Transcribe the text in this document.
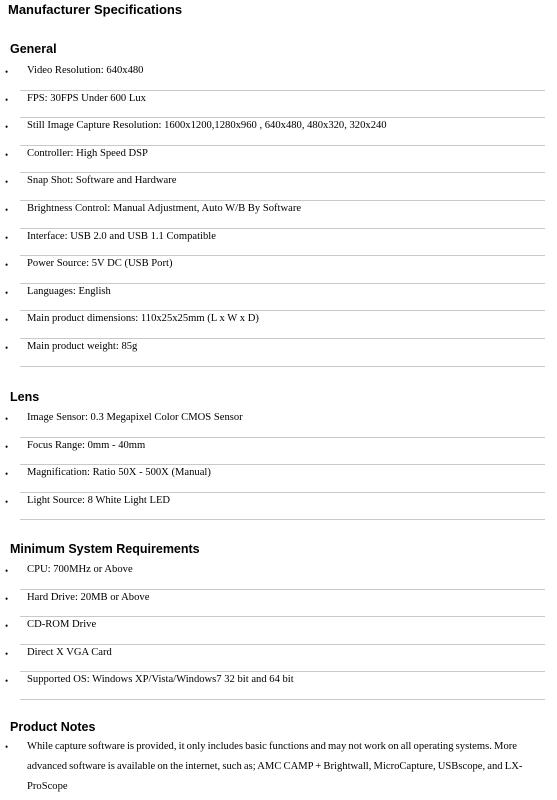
Manufacturer Specifications
General
• Video Resolution: 640x480
• FPS: 30FPS Under 600 Lux
• Still Image Capture Resolution: 1600x1200,1280x960 , 640x480, 480x320, 320x240
• Controller: High Speed DSP
• Snap Shot: Software and Hardware
• Brightness Control: Manual Adjustment, Auto W/B By Software
• Interface: USB 2.0 and USB 1.1 Compatible
• Power Source: 5V DC (USB Port)
• Languages: English
• Main product dimensions: 110x25x25mm (L x W x D)
• Main product weight: 85g
Lens
• Image Sensor: 0.3 Megapixel Color CMOS Sensor
• Focus Range: 0mm - 40mm
• Magnification: Ratio 50X - 500X (Manual)
• Light Source: 8 White Light LED
Minimum System Requirements
• CPU: 700MHz or Above
• Hard Drive: 20MB or Above
• CD-ROM Drive
• Direct X VGA Card
• Supported OS: Windows XP/Vista/Windows7 32 bit and 64 bit
Product Notes
• While capture software is provided, it only includes basic functions and may not work on all operating systems. More advanced software is available on the internet, such as; AMC CAMP + Brightwall, MicroCapture, USBscope, and LX-ProScope
